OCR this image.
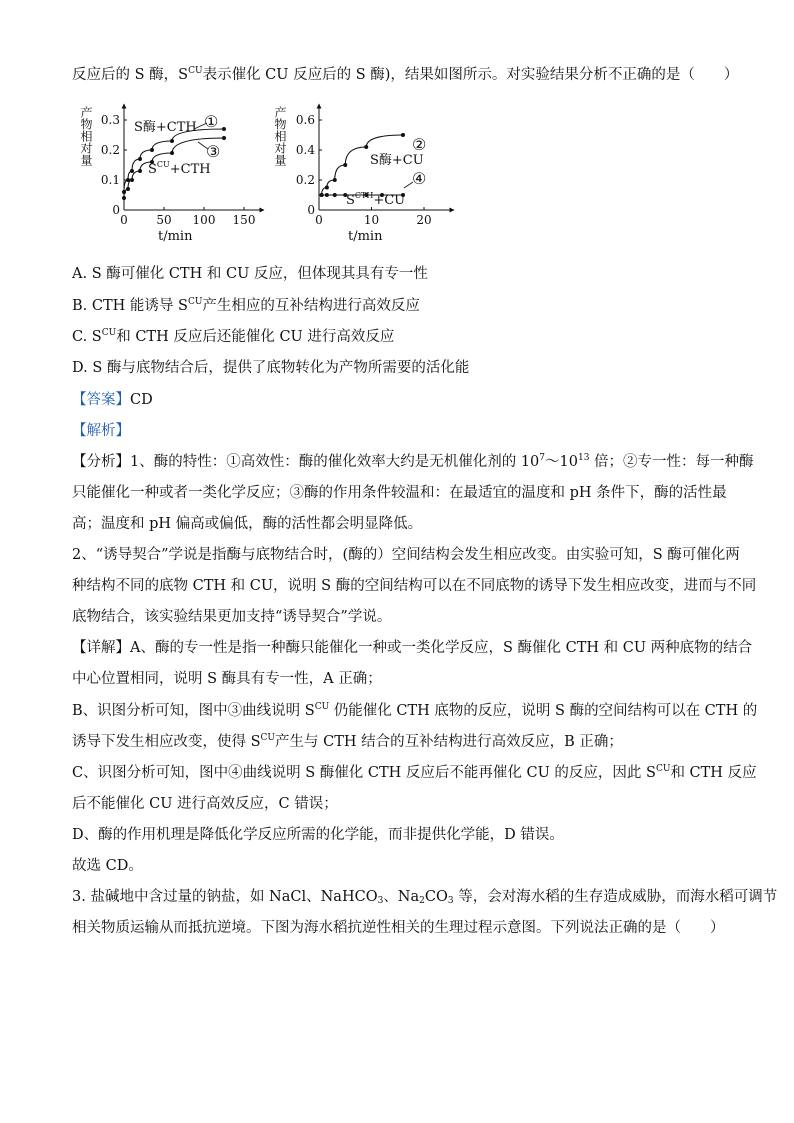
反应后的 S 酶，$S^{CU}$表示催化 CU 反应后的 S 酶)，结果如图所示。对实验结果分析不正确的是（　　）
产物相对量
0 50 100 150
0
0.1
0.2
0.3
t/min
S酶+CTH ①
③
$S^{CU}+CTH$
产物相对量
0	10	20
0
0.2
0.4
0.6
t/min
②
S酶+CU
④
$S^{CTH}+CU$
A. S 酶可催化 CTH 和 CU 反应，但体现其具有专一性
B. CTH 能诱导 $S^{CU}$产生相应的互补结构进行高效反应
C. $S^{CU}$和 CTH 反应后还能催化 CU 进行高效反应
D. S 酶与底物结合后，提供了底物转化为产物所需要的活化能
【答案】CD
【解析】
【分析】1、酶的特性：①高效性：酶的催化效率大约是无机催化剂的 $10^7\sim 10^{13}$ 倍；②专一性：每一种酶
只能催化一种或者一类化学反应；③酶的作用条件较温和：在最适宜的温度和 pH 条件下，酶的活性最
高；温度和 pH 偏高或偏低，酶的活性都会明显降低。
2、“诱导契合”学说是指酶与底物结合时，(酶的）空间结构会发生相应改变。由实验可知，S 酶可催化两
种结构不同的底物 CTH 和 CU，说明 S 酶的空间结构可以在不同底物的诱导下发生相应改变，进而与不同
底物结合，该实验结果更加支持“诱导契合”学说。
【详解】A、酶的专一性是指一种酶只能催化一种或一类化学反应，S 酶催化 CTH 和 CU 两种底物的结合
中心位置相同，说明 S 酶具有专一性，A 正确；
B、识图分析可知，图中③曲线说明 $S^{CU}$ 仍能催化 CTH 底物的反应，说明 S 酶的空间结构可以在 CTH 的
诱导下发生相应改变，使得 $S^{CU}$产生与 CTH 结合的互补结构进行高效反应，B 正确；
C、识图分析可知，图中④曲线说明 S 酶催化 CTH 反应后不能再催化 CU 的反应，因此 $S^{CU}$和 CTH 反应
后不能催化 CU 进行高效反应，C 错误；
D、酶的作用机理是降低化学反应所需的化学能，而非提供化学能，D 错误。
故选 CD。
3. 盐碱地中含过量的钠盐，如 NaCl、NaHCO$_3$、$Na_2CO_3$ 等，会对海水稻的生存造成威胁，而海水稻可调节
相关物质运输从而抵抗逆境。下图为海水稻抗逆性相关的生理过程示意图。下列说法正确的是（　　）
